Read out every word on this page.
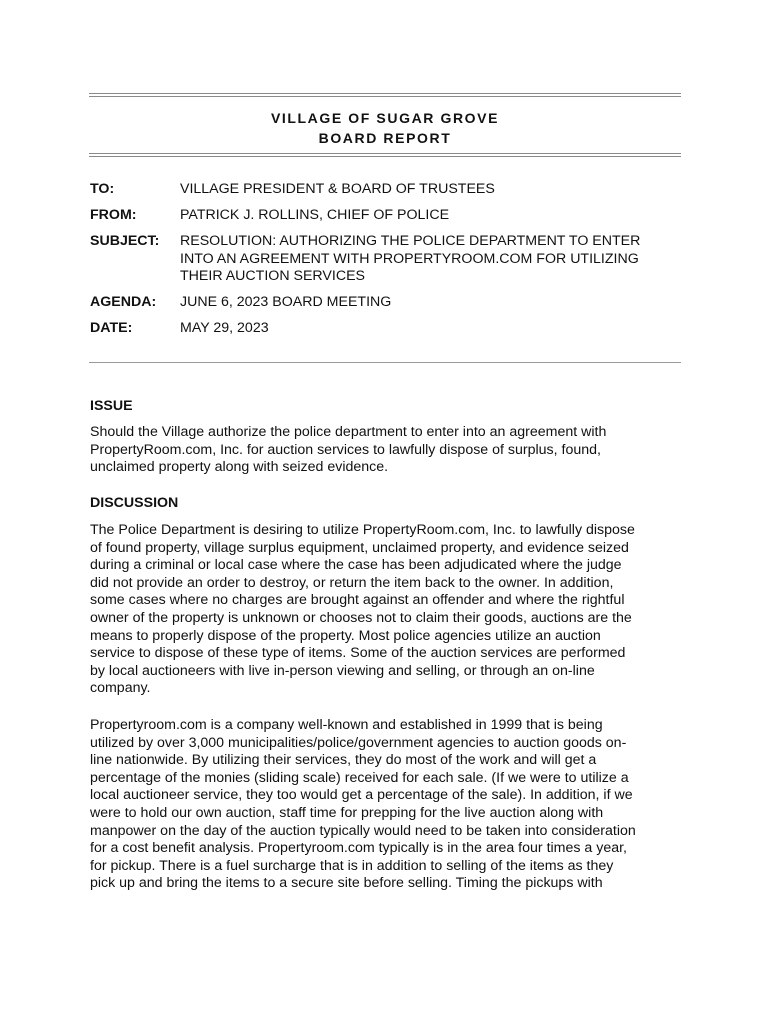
VILLAGE OF SUGAR GROVE
BOARD REPORT
TO:	VILLAGE PRESIDENT & BOARD OF TRUSTEES
FROM:	PATRICK J. ROLLINS, CHIEF OF POLICE
SUBJECT:	RESOLUTION: AUTHORIZING THE POLICE DEPARTMENT TO ENTER
INTO AN AGREEMENT WITH PROPERTYROOM.COM FOR UTILIZING
THEIR AUCTION SERVICES
AGENDA:	JUNE 6, 2023 BOARD MEETING
DATE:	MAY 29, 2023
ISSUE
Should the Village authorize the police department to enter into an agreement with
PropertyRoom.com, Inc. for auction services to lawfully dispose of surplus, found,
unclaimed property along with seized evidence.
DISCUSSION
The Police Department is desiring to utilize PropertyRoom.com, Inc. to lawfully dispose
of found property, village surplus equipment, unclaimed property, and evidence seized
during a criminal or local case where the case has been adjudicated where the judge
did not provide an order to destroy, or return the item back to the owner. In addition,
some cases where no charges are brought against an offender and where the rightful
owner of the property is unknown or chooses not to claim their goods, auctions are the
means to properly dispose of the property. Most police agencies utilize an auction
service to dispose of these type of items. Some of the auction services are performed
by local auctioneers with live in-person viewing and selling, or through an on-line
company.
Propertyroom.com is a company well-known and established in 1999 that is being
utilized by over 3,000 municipalities/police/government agencies to auction goods on-
line nationwide. By utilizing their services, they do most of the work and will get a
percentage of the monies (sliding scale) received for each sale. (If we were to utilize a
local auctioneer service, they too would get a percentage of the sale). In addition, if we
were to hold our own auction, staff time for prepping for the live auction along with
manpower on the day of the auction typically would need to be taken into consideration
for a cost benefit analysis. Propertyroom.com typically is in the area four times a year,
for pickup. There is a fuel surcharge that is in addition to selling of the items as they
pick up and bring the items to a secure site before selling. Timing the pickups with
